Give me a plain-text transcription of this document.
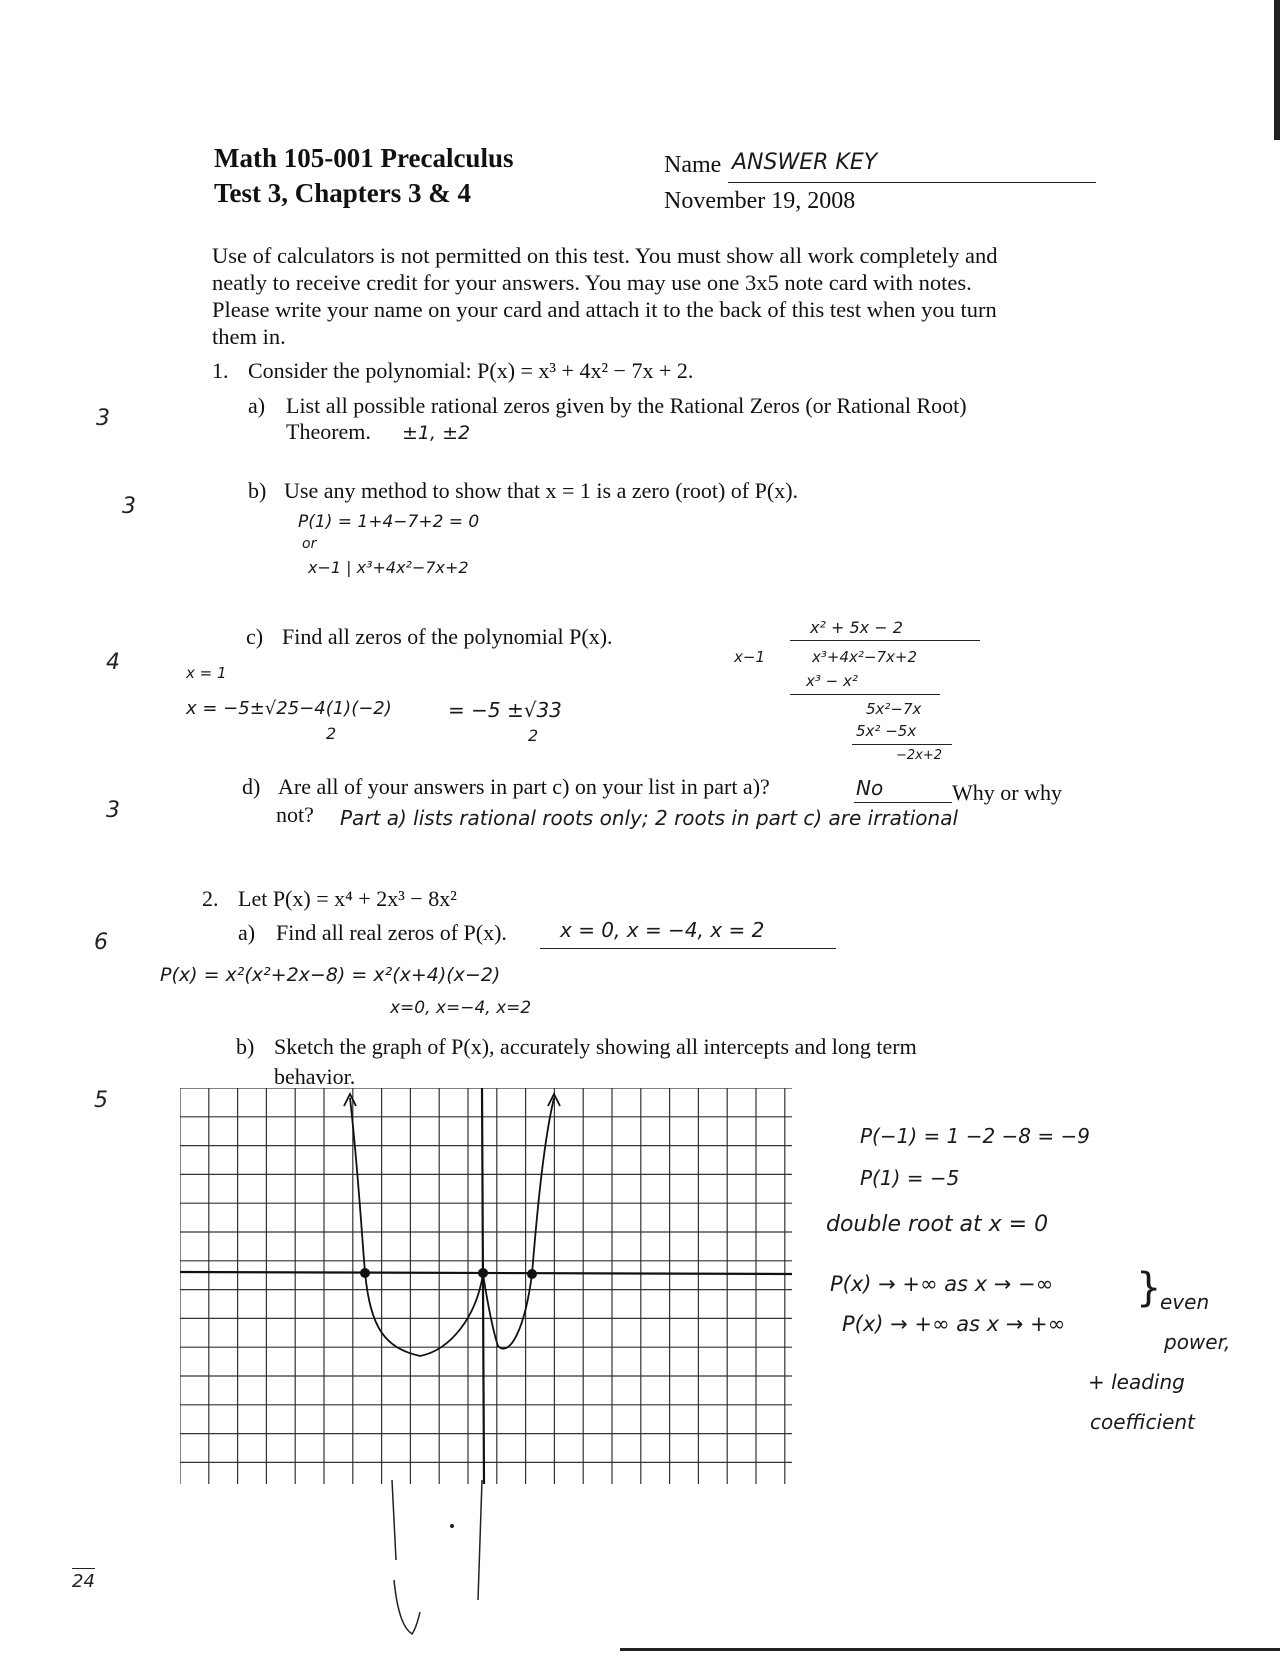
Math 105-001 Precalculus
Test 3, Chapters 3 & 4
Name ANSWER KEY
November 19, 2008
Use of calculators is not permitted on this test. You must show all work completely and
neatly to receive credit for your answers. You may use one 3x5 note card with notes.
Please write your name on your card and attach it to the back of this test when you turn
them in.
1. Consider the polynomial: P(x) = x³ + 4x² − 7x + 2.
a) List all possible rational zeros given by the Rational Zeros (or Rational Root)
Theorem. ±1, ±2
b) Use any method to show that x = 1 is a zero (root) of P(x).
P(1) = 1+4−7+2 = 0
or
x−1 | x³+4x²−7x+2
c) Find all zeros of the polynomial P(x).
x = 1
x = −5±√25−4(1)(−2)
2
= −5 ±√33
2
x² + 5x − 2
x−1	x³+4x²−7x+2
x³ − x²
5x²−7x
5x² −5x
−2x+2
d) Are all of your answers in part c) on your list in part a)?	No	Why or why
not? Part a) lists rational roots only; 2 roots in part c) are irrational
2. Let P(x) = x⁴ + 2x³ − 8x²
a) Find all real zeros of P(x).	x = 0, x = −4, x = 2
P(x) = x²(x²+2x−8) = x²(x+4)(x−2)
x=0, x=−4, x=2
b) Sketch the graph of P(x), accurately showing all intercepts and long term
behavior.
P(−1) = 1 −2 −8 = −9
P(1) = −5
double root at x = 0
P(x) → +∞ as x → −∞
P(x) → +∞ as x → +∞
}
even
power,
+ leading
coefficient
3
3
4
3
6
5
24
